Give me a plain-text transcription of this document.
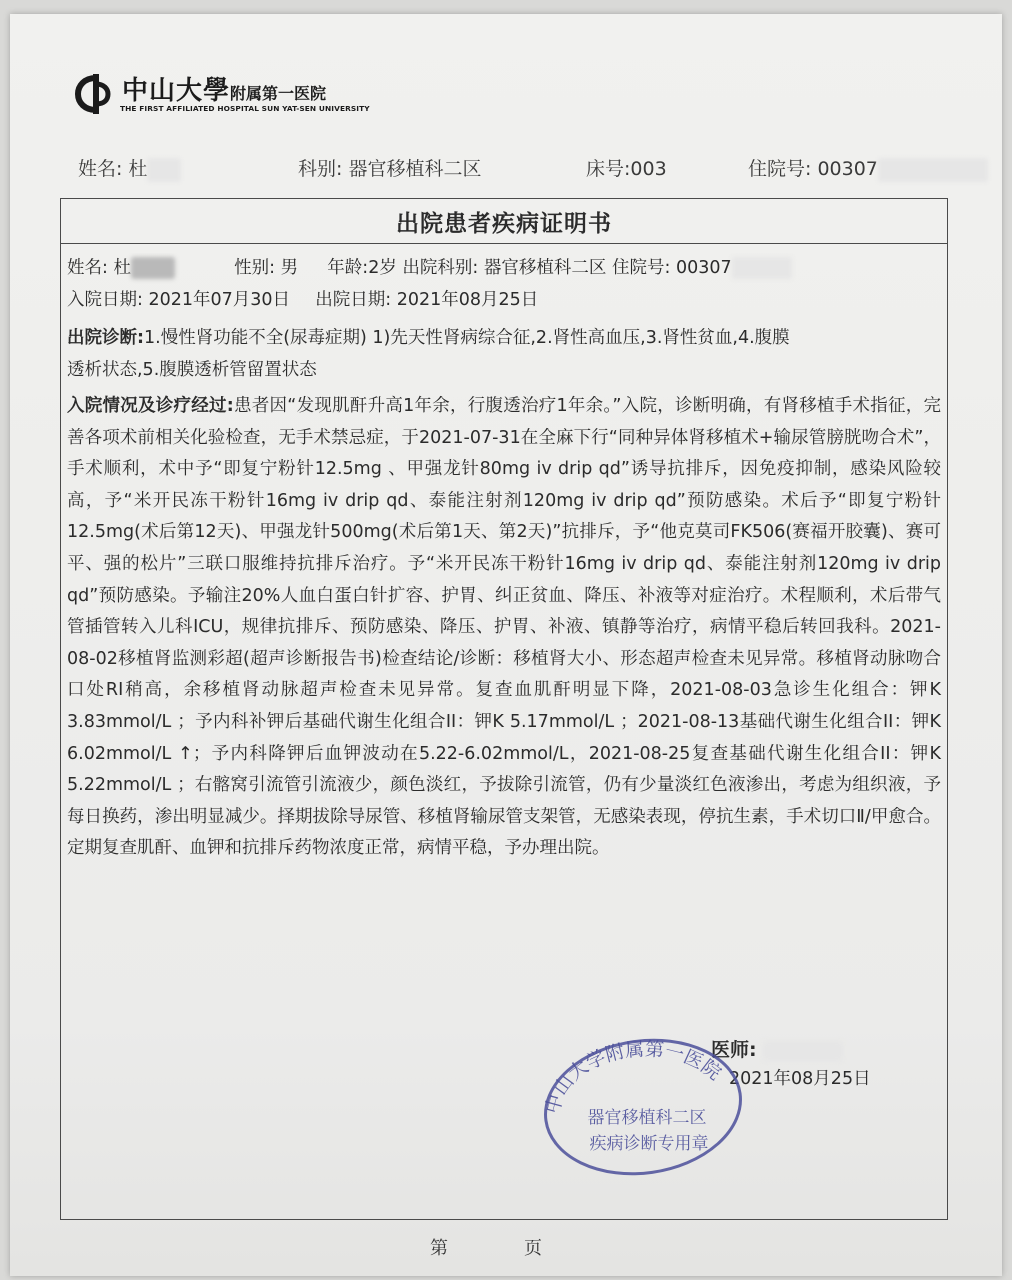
中山大學附属第一医院
THE FIRST AFFILIATED HOSPITAL SUN YAT-SEN UNIVERSITY
姓名: 杜	科别: 器官移植科二区	床号:003	住院号: 00307
出院患者疾病证明书
姓名: 杜	性别: 男 年龄:2岁 出院科别: 器官移植科二区 住院号: 00307
入院日期: 2021年07月30日 出院日期: 2021年08月25日
出院诊断:1.慢性肾功能不全(尿毒症期) 1)先天性肾病综合征,2.肾性高血压,3.肾性贫血,4.腹膜
透析状态,5.腹膜透析管留置状态
入院情况及诊疗经过:患者因“发现肌酐升高1年余，行腹透治疗1年余。”入院，诊断明确，有肾移植手术指征，完善各项术前相关化验检查，无手术禁忌症，于2021-07-31在全麻下行“同种异体肾移植术+输尿管膀胱吻合术”，手术顺利，术中予“即复宁粉针12.5mg 、甲强龙针80mg iv drip qd”诱导抗排斥，因免疫抑制，感染风险较高，予“米开民冻干粉针16mg iv drip qd、泰能注射剂120mg iv drip qd”预防感染。术后予“即复宁粉针12.5mg(术后第12天)、甲强龙针500mg(术后第1天、第2天)”抗排斥，予“他克莫司FK506(赛福开胶囊)、赛可平、强的松片”三联口服维持抗排斥治疗。予“米开民冻干粉针16mg iv drip qd、泰能注射剂120mg iv drip qd”预防感染。予输注20%人血白蛋白针扩容、护胃、纠正贫血、降压、补液等对症治疗。术程顺利，术后带气管插管转入儿科ICU，规律抗排斥、预防感染、降压、护胃、补液、镇静等治疗，病情平稳后转回我科。2021-08-02移植肾监测彩超(超声诊断报告书)检查结论/诊断：移植肾大小、形态超声检查未见异常。移植肾动脉吻合口处RI稍高，余移植肾动脉超声检查未见异常。复查血肌酐明显下降，2021-08-03急诊生化组合：钾K 3.83mmol/L ；予内科补钾后基础代谢生化组合II：钾K 5.17mmol/L ；2021-08-13基础代谢生化组合II：钾K 6.02mmol/L ↑；予内科降钾后血钾波动在5.22-6.02mmol/L，2021-08-25复查基础代谢生化组合II：钾K 5.22mmol/L ；右髂窝引流管引流液少，颜色淡红，予拔除引流管，仍有少量淡红色液渗出，考虑为组织液，予每日换药，渗出明显减少。择期拔除导尿管、移植肾输尿管支架管，无感染表现，停抗生素，手术切口Ⅱ/甲愈合。定期复查肌酐、血钾和抗排斥药物浓度正常，病情平稳，予办理出院。
医师:
2021年08月25日
中山大学附属第一医院
器官移植科二区
疾病诊断专用章
第	页
